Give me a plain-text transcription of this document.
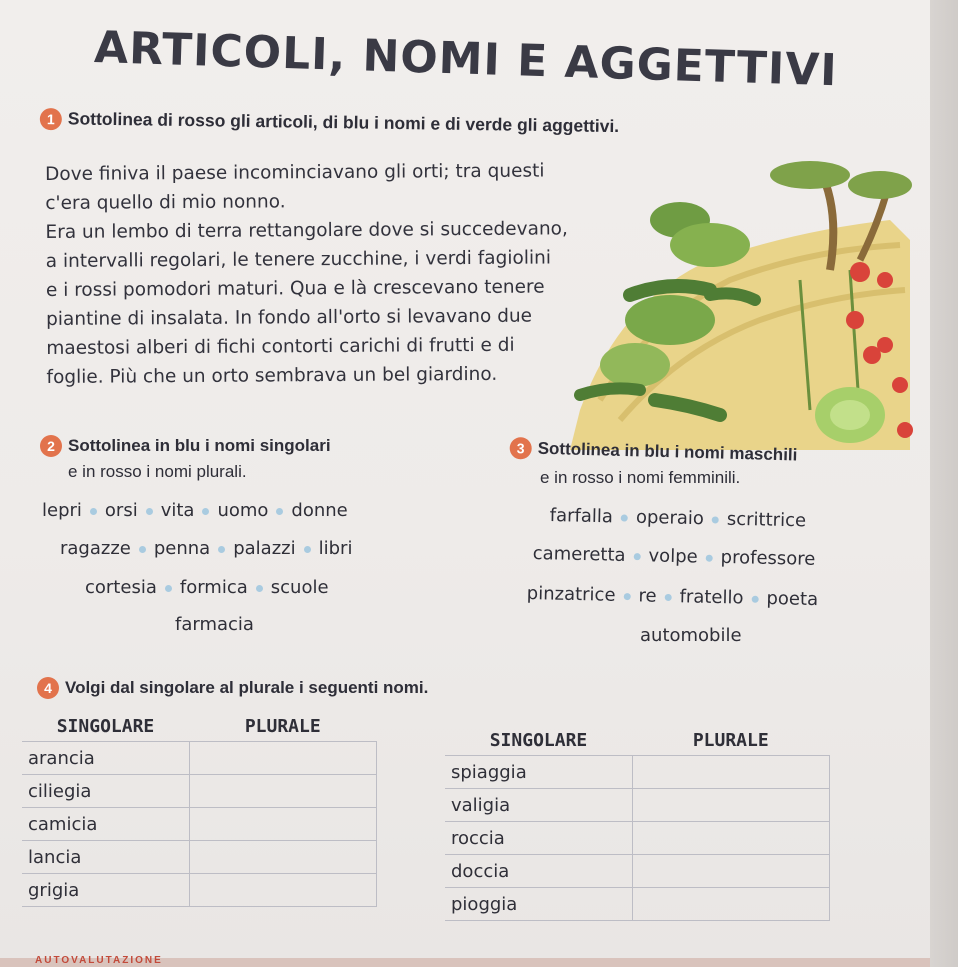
ARTICOLI, NOMI E AGGETTIVI
1 Sottolinea di rosso gli articoli, di blu i nomi e di verde gli aggettivi.
Dove finiva il paese incominciavano gli orti; tra questi
c'era quello di mio nonno.
Era un lembo di terra rettangolare dove si succedevano,
a intervalli regolari, le tenere zucchine, i verdi fagiolini
e i rossi pomodori maturi. Qua e là crescevano tenere
piantine di insalata. In fondo all'orto si levavano due
maestosi alberi di fichi contorti carichi di frutti e di
foglie. Più che un orto sembrava un bel giardino.
2 Sottolinea in blu i nomi singolari
e in rosso i nomi plurali.
lepri orsi vita uomo donne
ragazze penna palazzi libri
cortesia formica scuole
farmacia
3 Sottolinea in blu i nomi maschili
e in rosso i nomi femminili.
farfalla operaio scrittrice
cameretta volpe professore
pinzatrice re fratello poeta
automobile
4 Volgi dal singolare al plurale i seguenti nomi.
SINGOLARE	PLURALE
arancia	
ciliegia	
camicia	
lancia	
grigia	
SINGOLARE	PLURALE
spiaggia	
valigia	
roccia	
doccia	
pioggia	
AUTOVALUTAZIONE
